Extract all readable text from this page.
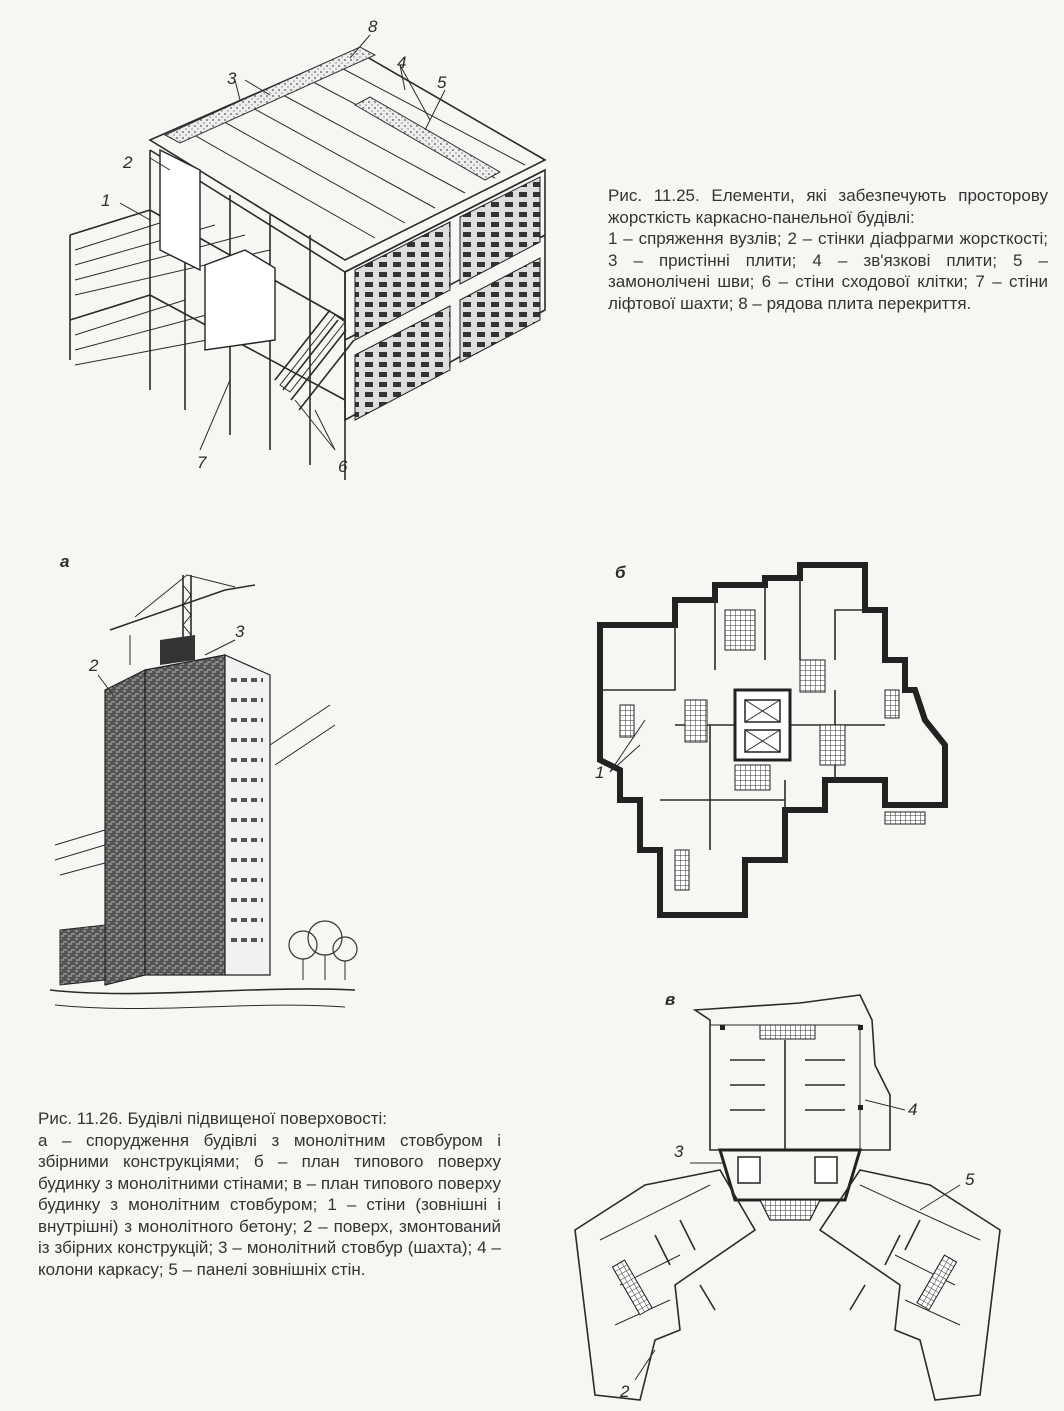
1
2
3
4
5
6
7
8

Рис. 11.25. Елементи, які забезпечують просторову жорсткість каркасно-панельної будівлі:

1 – спряження вузлів; 2 – стінки діафрагми жорсткості; 3 – пристінні плити; 4 – зв'язкові плити; 5 – замонолічені шви; 6 – стіни сходової клітки; 7 – стіни ліфтової шахти; 8 – рядова плита перекриття.

а
2
3
б
1

Рис. 11.26. Будівлі підвищеної поверховості:

а – спорудження будівлі з монолітним стовбуром і збірними конструкціями; б – план типового поверху будинку з монолітними стінами; в – план типового поверху будинку з монолітним стовбуром; 1 – стіни (зовнішні і внутрішні) з монолітного бетону; 2 – поверх, змонтований із збірних конструкцій; 3 – монолітний стовбур (шахта); 4 – колони каркасу; 5 – панелі зовнішніх стін.

в
3
4
5
2
